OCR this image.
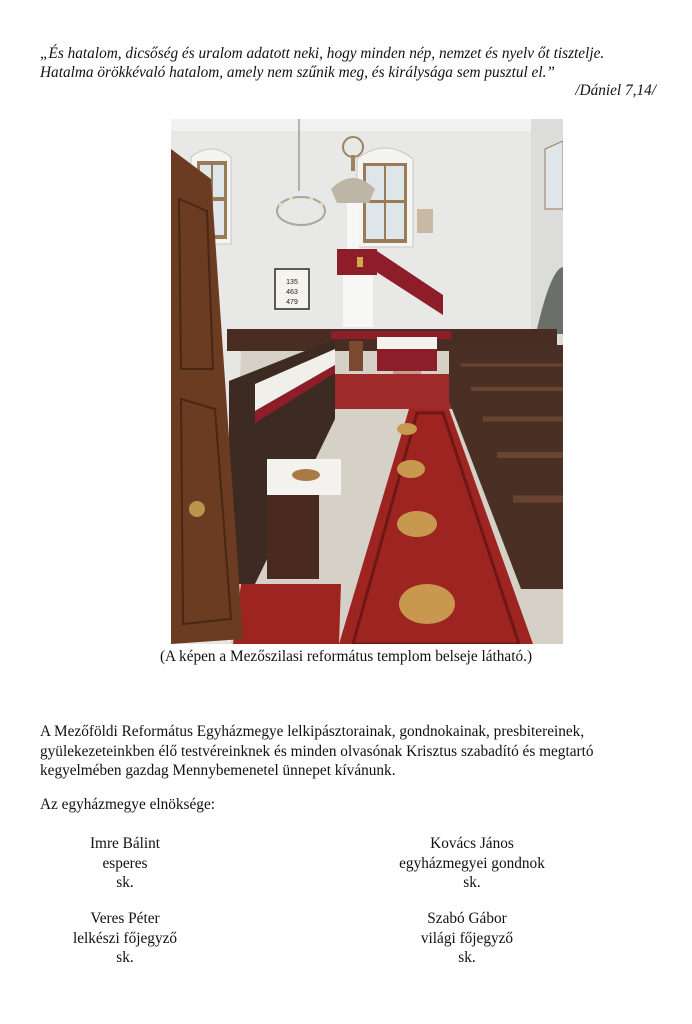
„És hatalom, dicsőség és uralom adatott neki, hogy minden nép, nemzet és nyelv őt tisztelje.
Hatalma örökkévaló hatalom, amely nem szűnik meg, és királysága sem pusztul el.”
/Dániel 7,14/
135
463
479
(A képen a Mezőszilasi református templom belseje látható.)
A Mezőföldi Református Egyházmegye lelkipásztorainak, gondnokainak, presbitereinek,
gyülekezeteinkben élő testvéreinknek és minden olvasónak Krisztus szabadító és megtartó
kegyelmében gazdag Mennybemenetel ünnepet kívánunk.
Az egyházmegye elnöksége:
Imre Bálint
esperes
sk.
Kovács János
egyházmegyei gondnok
sk.
Veres Péter
lelkészi főjegyző
sk.
Szabó Gábor
világi főjegyző
sk.
